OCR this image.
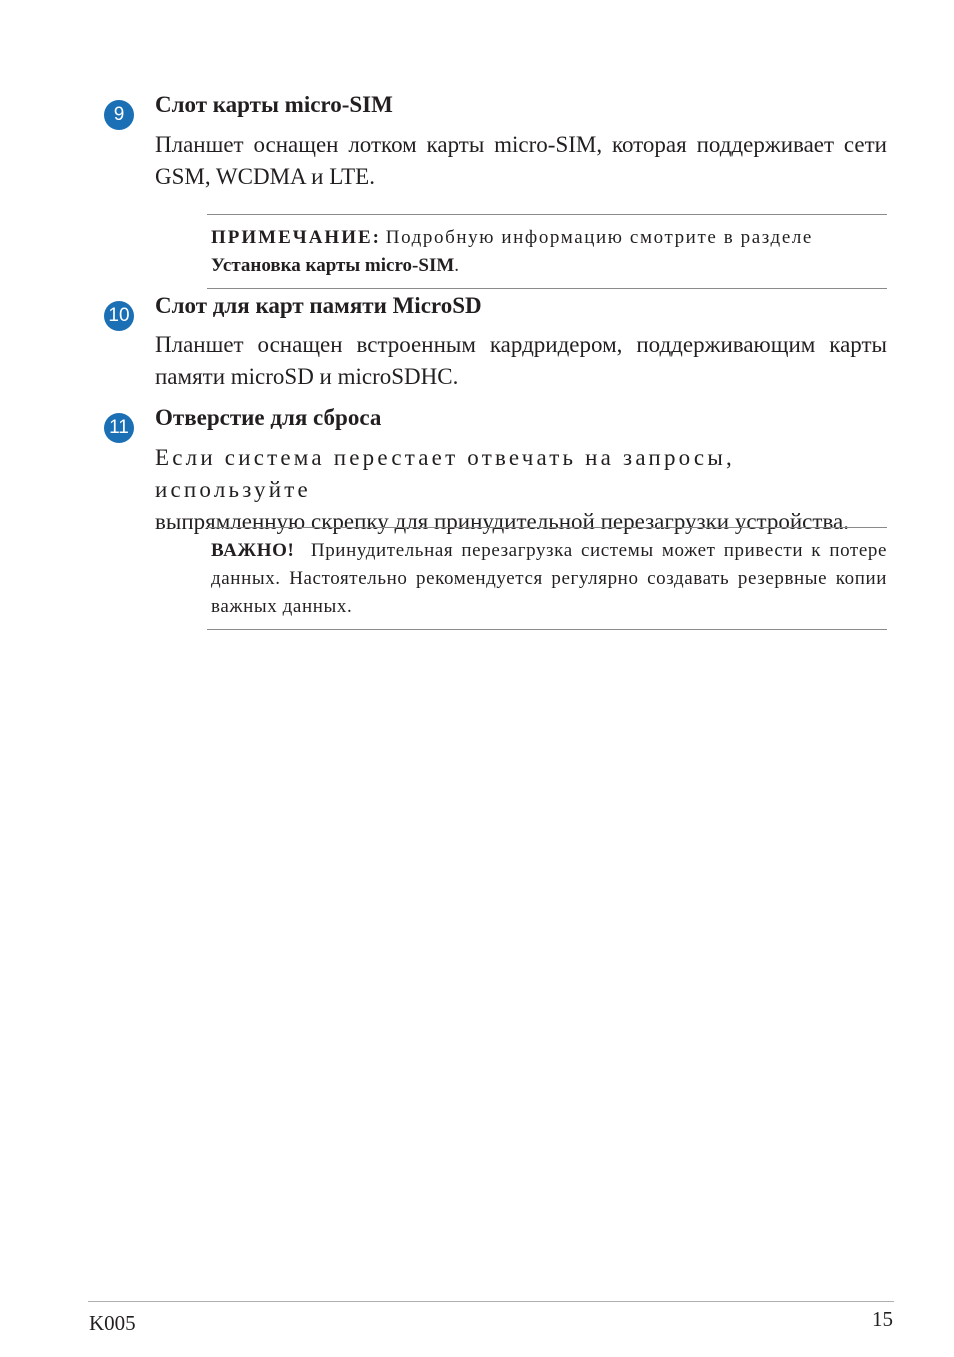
9	Слот карты micro-SIM

Планшет оснащен лотком карты micro-SIM, которая поддерживает сети GSM, WCDMA и LTE.

ПРИМЕЧАНИЕ: Подробную информацию смотрите в разделе
Установка карты micro-SIM.

10 Слот для карт памяти MicroSD

Планшет оснащен встроенным кардридером, поддерживающим карты памяти microSD и microSDHC.

11 Отверстие для сброса

Если система перестает отвечать на запросы, используйте
выпрямленную скрепку для принудительной перезагрузки устройства.

ВАЖНО! Принудительная перезагрузка системы может привести к потере данных. Настоятельно рекомендуется регулярно создавать резервные копии важных данных.

K005	15
